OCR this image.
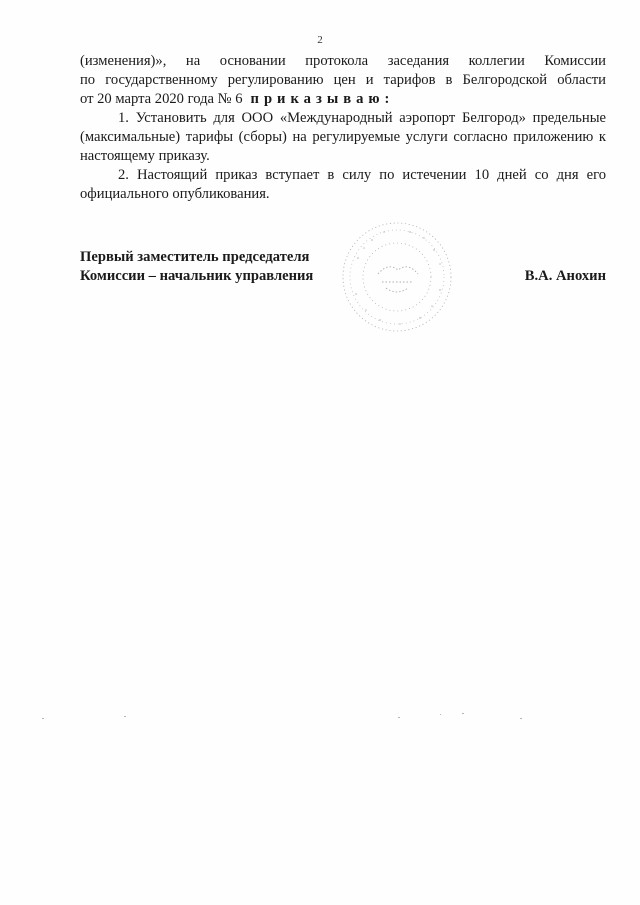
2

(изменения)», на основании протокола заседания коллегии Комиссии

по государственному регулированию цен и тарифов в Белгородской области

от 20 марта 2020 года № 6 приказываю:

1. Установить для ООО «Международный аэропорт Белгород» предельные (максимальные) тарифы (сборы) на регулируемые услуги согласно приложению к настоящему приказу.

2. Настоящий приказ вступает в силу по истечении 10 дней со дня его официального опубликования.

Первый заместитель председателя
Комиссии – начальник управления	В.А. Анохин
